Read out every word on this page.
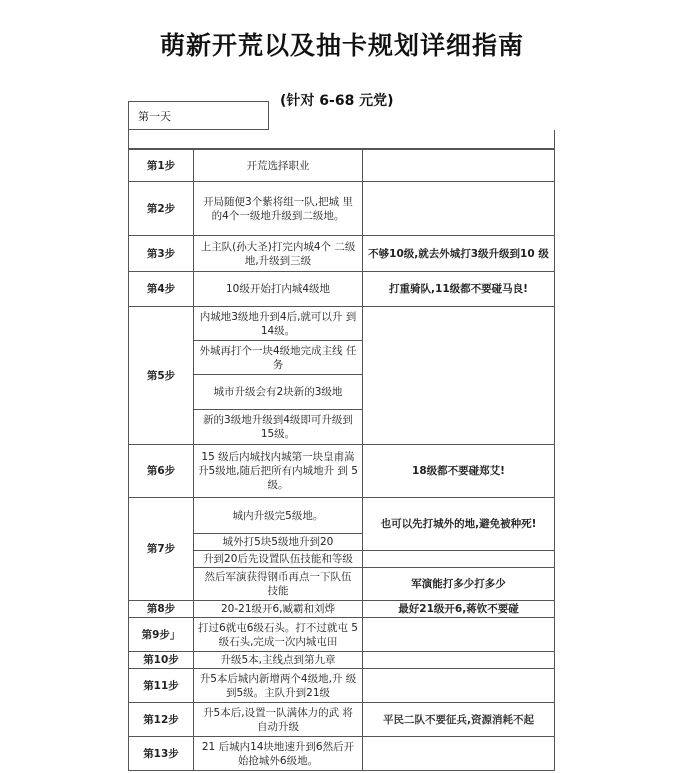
萌新开荒以及抽卡规划详细指南
(针对 6-68 元党)
第一天
第1步	开荒选择职业	
第2步	开局随便3个紫将组一队,把城 里的4个一级地升级到二级地。	
第3步	上主队(孙大圣)打完内城4个 二级地,升级到三级	不够10级,就去外城打3级升级到10 级
第4步	10级开始打内城4级地	打重骑队,11级都不要碰马良!
第5步	内城地3级地升到4后,就可以升 到14级。	
	外城再打个一块4级地完成主线 任务	
	城市升级会有2块新的3级地	
	新的3级地升级到4级即可升级到 15级。	
第6步	15 级后内城找内城第一块皇甫嵩 升5级地,随后把所有内城地升 到 5级。	18级都不要碰郑艾!
第7步	城内升级完5级地。	也可以先打城外的地,避免被种死!
	城外打5块5级地升到20	
	升到20后先设置队伍技能和等级	
	然后军演获得钢币再点一下队伍 技能	军演能打多少打多少
第8步	20-21级开6,臧霸和刘烨	最好21级开6,蒋钦不要碰
第9步」	打过6就屯6级石头。打不过就屯 5 级石头,完成一次内城屯田	
第10步	升级5本,主线点到第九章	
第11步	升5本后城内新增两个4级地,升 级到5级。主队升到21级	
第12步	升5本后,设置一队满体力的武 将 自动升级	平民二队不要征兵,资源消耗不起
第13步	21 后城内14块地速升到6然后开 始抢城外6级地。	
